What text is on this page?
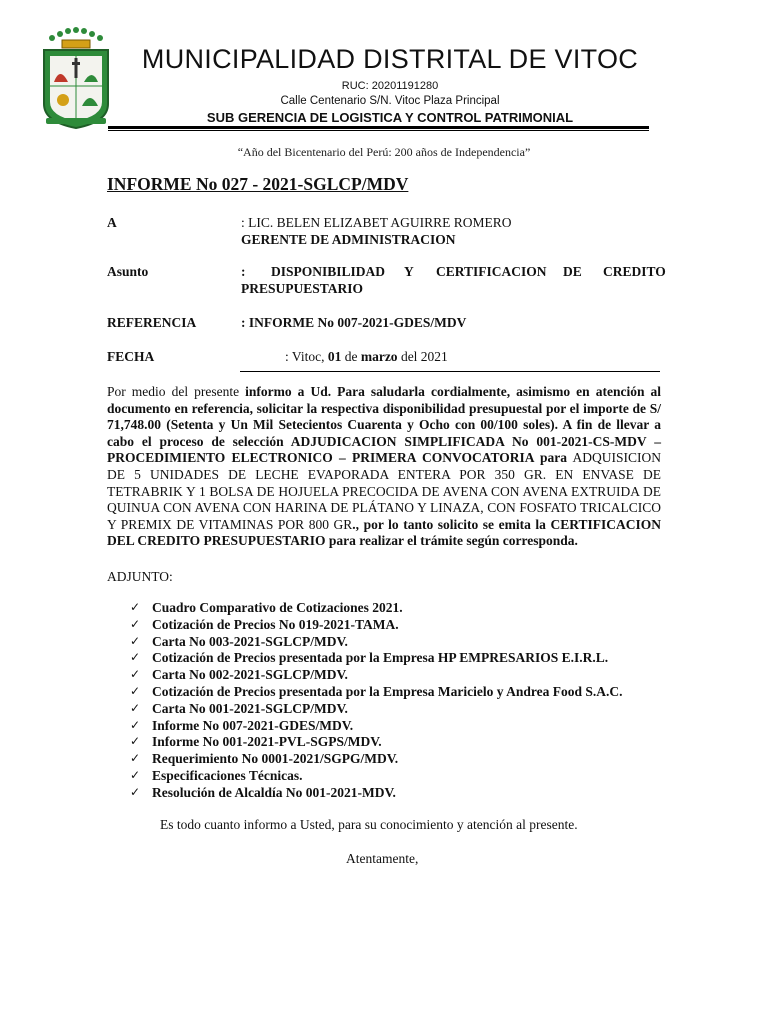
MUNICIPALIDAD DISTRITAL DE VITOC
RUC: 20201191280
Calle Centenario S/N. Vitoc Plaza Principal
SUB GERENCIA DE LOGISTICA Y CONTROL PATRIMONIAL
“Año del Bicentenario del Perú: 200 años de Independencia”
INFORME No 027 - 2021-SGLCP/MDV
A	: LIC. BELEN ELIZABET AGUIRRE ROMERO
GERENTE DE ADMINISTRACION
Asunto	: DISPONIBILIDAD Y CERTIFICACION DE CREDITO
PRESUPUESTARIO
REFERENCIA	: INFORME No 007-2021-GDES/MDV
FECHA	: Vitoc, 01 de marzo del 2021
Por medio del presente informo a Ud. Para saludarla cordialmente, asimismo en atención al documento en referencia, solicitar la respectiva disponibilidad presupuestal por el importe de S/ 71,748.00 (Setenta y Un Mil Setecientos Cuarenta y Ocho con 00/100 soles). A fin de llevar a cabo el proceso de selección ADJUDICACION SIMPLIFICADA No 001-2021-CS-MDV – PROCEDIMIENTO ELECTRONICO – PRIMERA CONVOCATORIA para ADQUISICION DE 5 UNIDADES DE LECHE EVAPORADA ENTERA POR 350 GR. EN ENVASE DE TETRABRIK Y 1 BOLSA DE HOJUELA PRECOCIDA DE AVENA CON AVENA EXTRUIDA DE QUINUA CON AVENA CON HARINA DE PLÁTANO Y LINAZA, CON FOSFATO TRICALCICO Y PREMIX DE VITAMINAS POR 800 GR., por lo tanto solicito se emita la CERTIFICACION DEL CREDITO PRESUPUESTARIO para realizar el trámite según corresponda.
ADJUNTO:
✓ Cuadro Comparativo de Cotizaciones 2021.
✓ Cotización de Precios No 019-2021-TAMA.
✓ Carta No 003-2021-SGLCP/MDV.
✓ Cotización de Precios presentada por la Empresa HP EMPRESARIOS E.I.R.L.
✓ Carta No 002-2021-SGLCP/MDV.
✓ Cotización de Precios presentada por la Empresa Maricielo y Andrea Food S.A.C.
✓ Carta No 001-2021-SGLCP/MDV.
✓ Informe No 007-2021-GDES/MDV.
✓ Informe No 001-2021-PVL-SGPS/MDV.
✓ Requerimiento No 0001-2021/SGPG/MDV.
✓ Especificaciones Técnicas.
✓ Resolución de Alcaldía No 001-2021-MDV.
Es todo cuanto informo a Usted, para su conocimiento y atención al presente.
Atentamente,
